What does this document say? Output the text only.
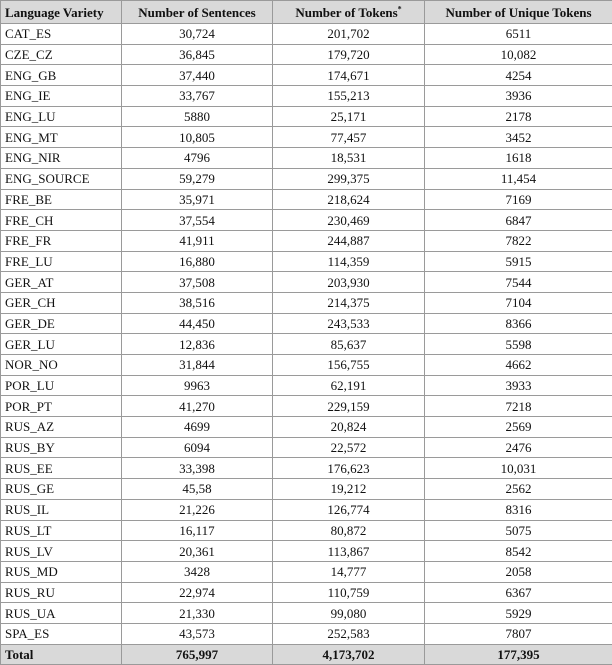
Language Variety	Number of Sentences	Number of Tokens*	Number of Unique Tokens
CAT_ES	30,724	201,702	6511
CZE_CZ	36,845	179,720	10,082
ENG_GB	37,440	174,671	4254
ENG_IE	33,767	155,213	3936
ENG_LU	5880	25,171	2178
ENG_MT	10,805	77,457	3452
ENG_NIR	4796	18,531	1618
ENG_SOURCE	59,279	299,375	11,454
FRE_BE	35,971	218,624	7169
FRE_CH	37,554	230,469	6847
FRE_FR	41,911	244,887	7822
FRE_LU	16,880	114,359	5915
GER_AT	37,508	203,930	7544
GER_CH	38,516	214,375	7104
GER_DE	44,450	243,533	8366
GER_LU	12,836	85,637	5598
NOR_NO	31,844	156,755	4662
POR_LU	9963	62,191	3933
POR_PT	41,270	229,159	7218
RUS_AZ	4699	20,824	2569
RUS_BY	6094	22,572	2476
RUS_EE	33,398	176,623	10,031
RUS_GE	45,58	19,212	2562
RUS_IL	21,226	126,774	8316
RUS_LT	16,117	80,872	5075
RUS_LV	20,361	113,867	8542
RUS_MD	3428	14,777	2058
RUS_RU	22,974	110,759	6367
RUS_UA	21,330	99,080	5929
SPA_ES	43,573	252,583	7807
Total	765,997	4,173,702	177,395
